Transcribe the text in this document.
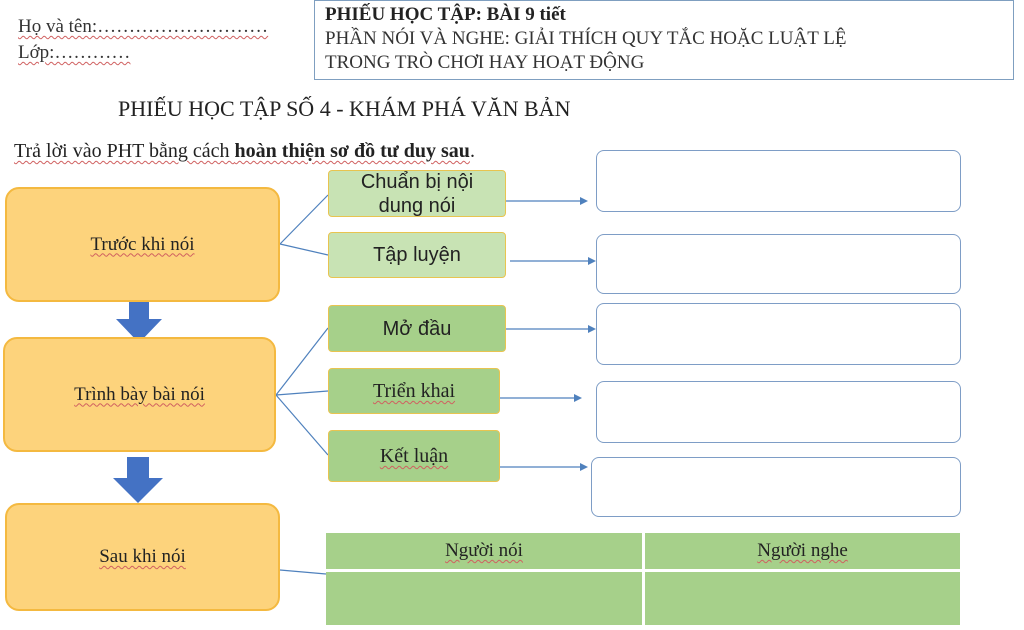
Họ và tên:………………………
Lớp:…………
PHIẾU HỌC TẬP: BÀI 9 tiết
PHẦN NÓI VÀ NGHE: GIẢI THÍCH QUY TẮC HOẶC LUẬT LỆ
TRONG TRÒ CHƠI HAY HOẠT ĐỘNG
PHIẾU HỌC TẬP SỐ 4 - KHÁM PHÁ VĂN BẢN
Trả lời vào PHT bằng cách hoàn thiện sơ đồ tư duy sau.
Trước khi nói
Trình bày bài nói
Sau khi nói
Chuẩn bị nội dung nói
Tập luyện
Mở đầu
Triển khai
Kết luận
Người nói	Người nghe
